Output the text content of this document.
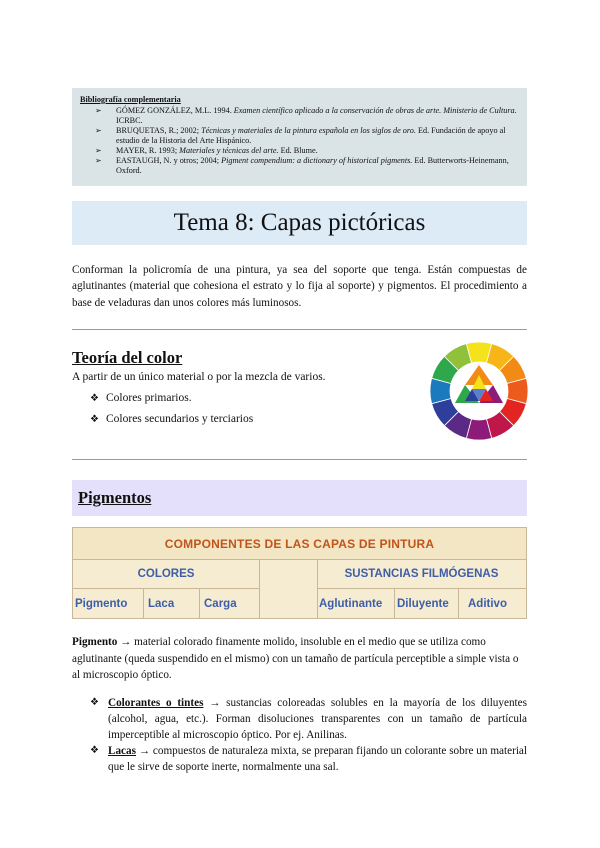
Bibliografía complementaria
➢ GÓMEZ GONZÁLEZ, M.L. 1994. Examen científico aplicado a la conservación de obras de arte. Ministerio de Cultura. ICRBC.
➢ BRUQUETAS, R.; 2002; Técnicas y materiales de la pintura española en los siglos de oro. Ed. Fundación de apoyo al estudio de la Historia del Arte Hispánico.
➢ MAYER, R. 1993; Materiales y técnicas del arte. Ed. Blume.
➢ EASTAUGH, N. y otros; 2004; Pigment compendium: a dictionary of historical pigments. Ed. Butterworts-Heinemann, Oxford.
Tema 8: Capas pictóricas
Conforman la policromía de una pintura, ya sea del soporte que tenga. Están compuestas de aglutinantes (material que cohesiona el estrato y lo fija al soporte) y pigmentos. El procedimiento a base de veladuras dan unos colores más luminosos.
Teoría del color
A partir de un único material o por la mezcla de varios.
❖ Colores primarios.
❖ Colores secundarios y terciarios
Pigmentos
COMPONENTES DE LAS CAPAS DE PINTURA
COLORES	SUSTANCIAS FILMÓGENAS
Pigmento	Laca	Carga	Aglutinante	Diluyente	Aditivo
Pigmento → material colorado finamente molido, insoluble en el medio que se utiliza como aglutinante (queda suspendido en el mismo) con un tamaño de partícula perceptible a simple vista o al microscopio óptico.
❖ Colorantes o tintes → sustancias coloreadas solubles en la mayoría de los diluyentes (alcohol, agua, etc.). Forman disoluciones transparentes con un tamaño de partícula imperceptible al microscopio óptico. Por ej. Anilinas.
❖ Lacas → compuestos de naturaleza mixta, se preparan fijando un colorante sobre un material que le sirve de soporte inerte, normalmente una sal.
